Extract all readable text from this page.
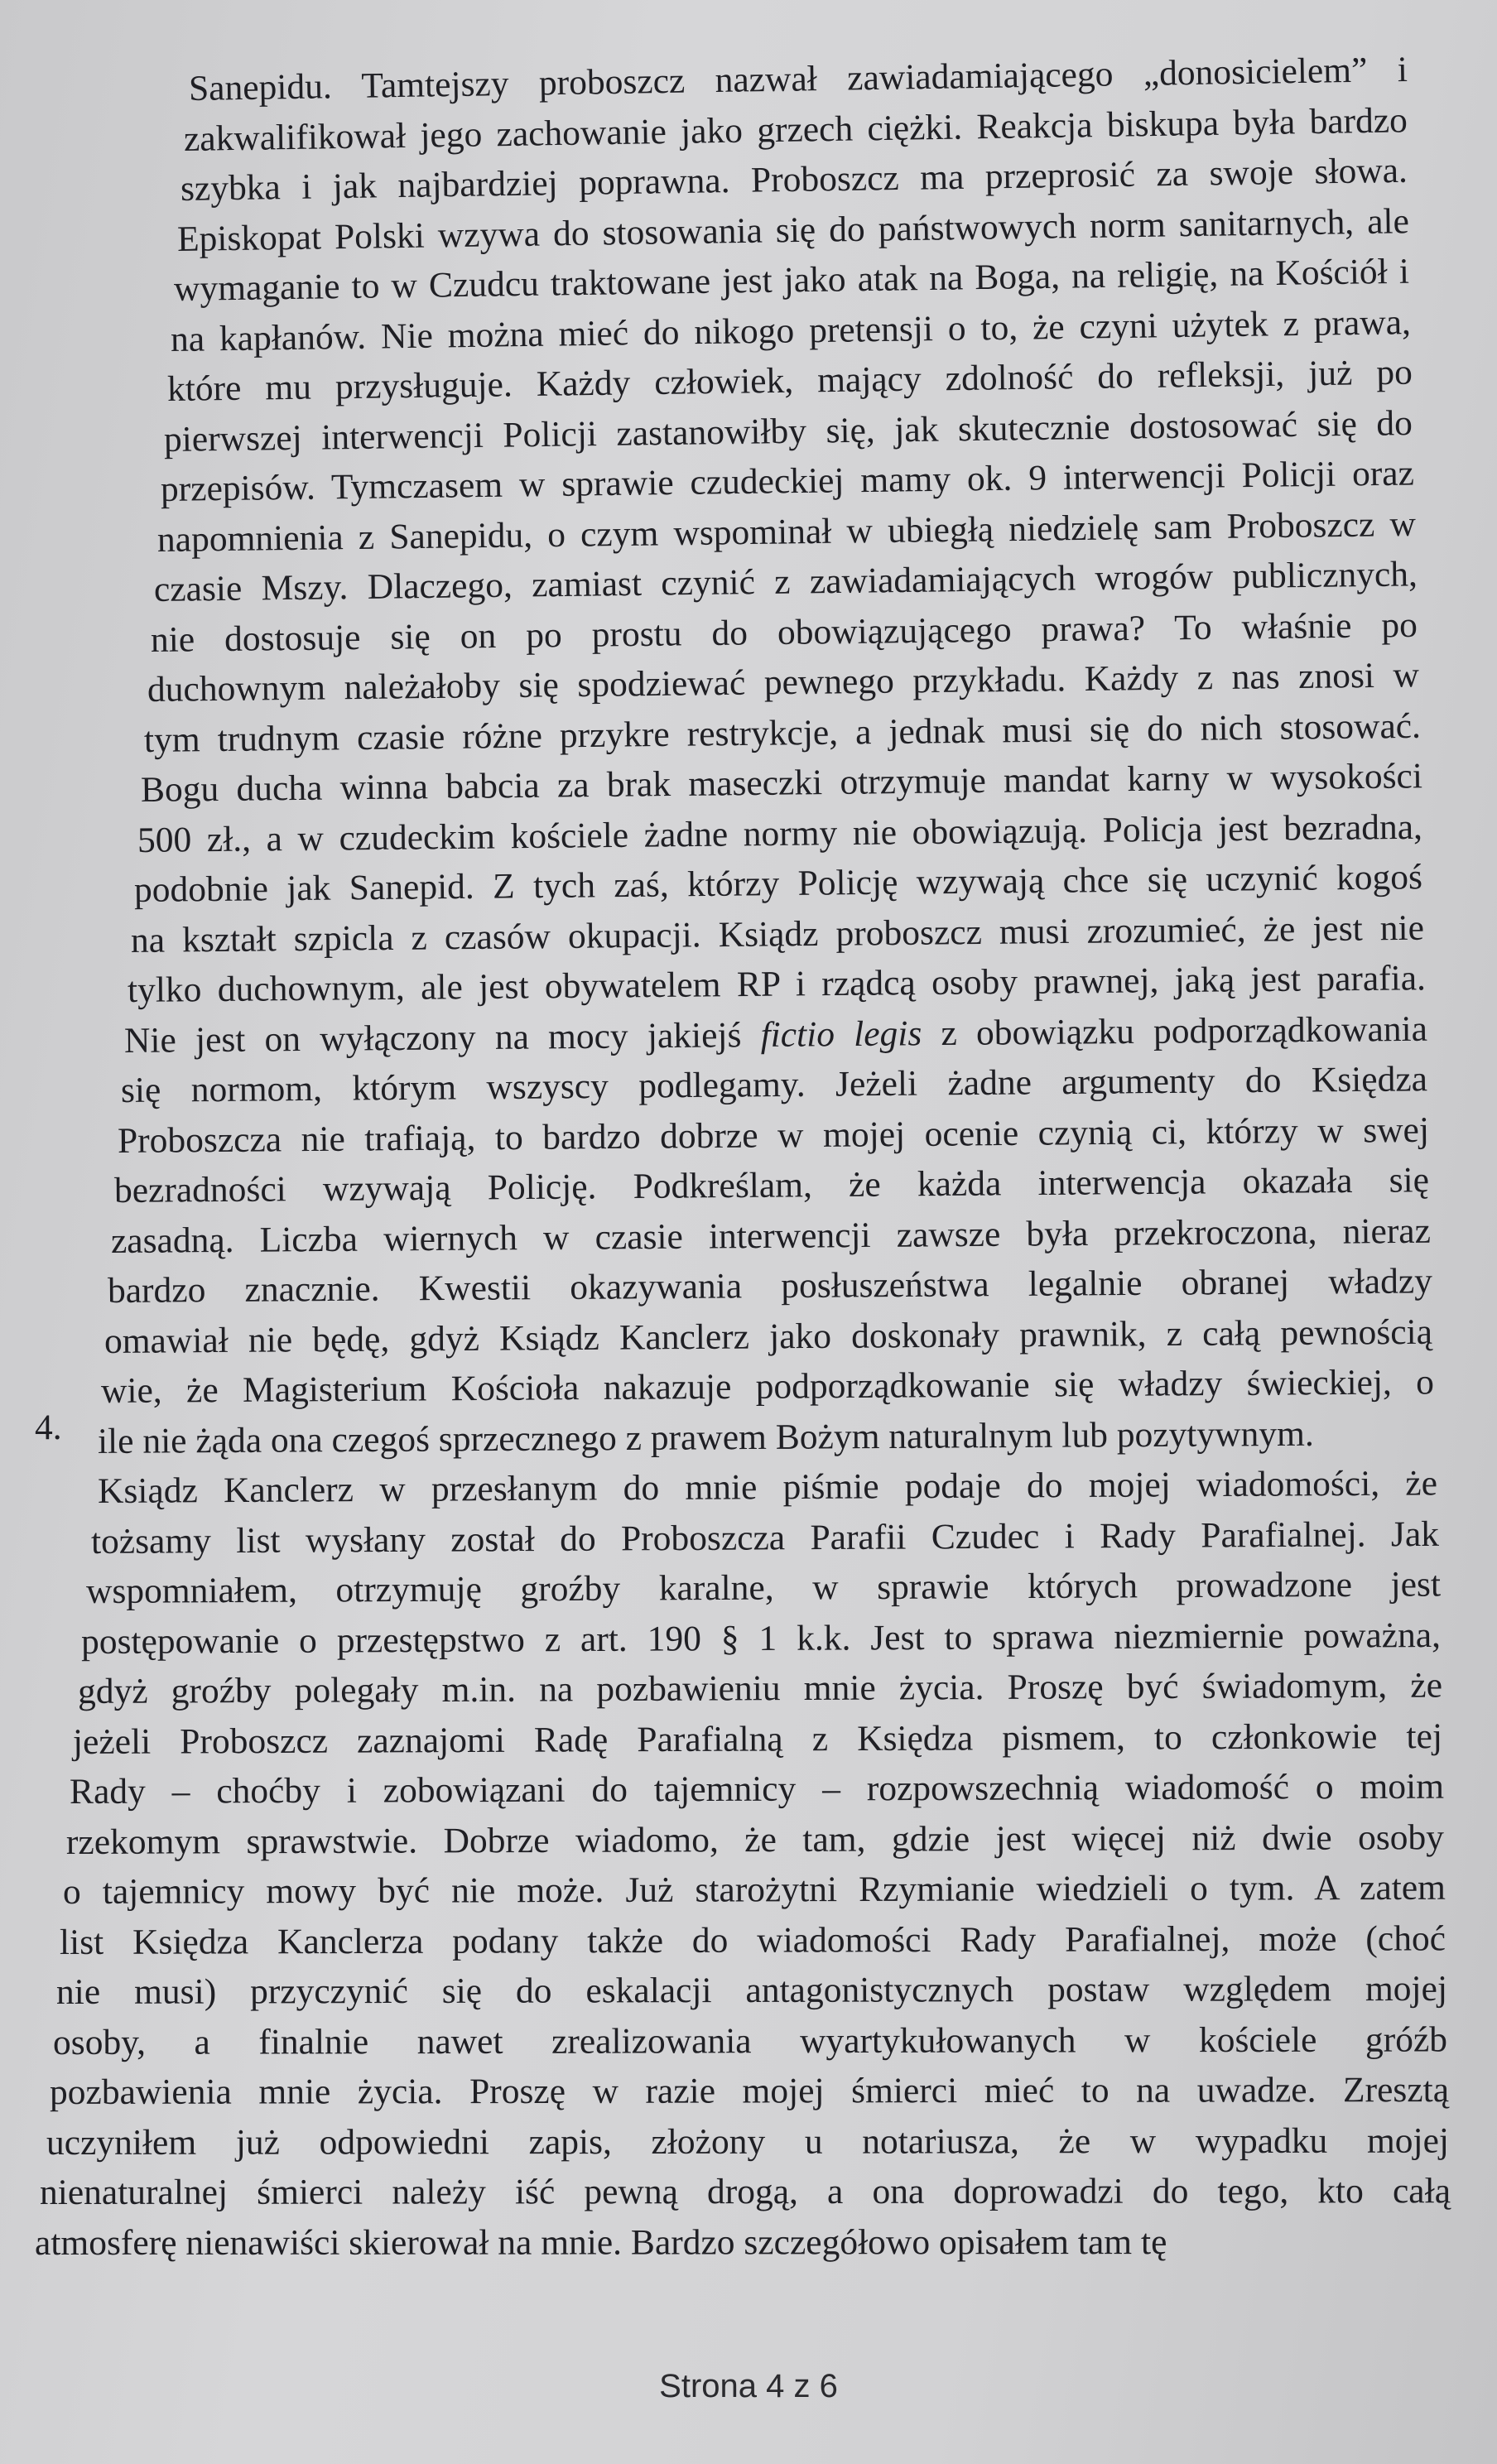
Sanepidu. Tamtejszy proboszcz nazwał zawiadamiającego „donosicielem” i
zakwalifikował jego zachowanie jako grzech ciężki. Reakcja biskupa była bardzo
szybka i jak najbardziej poprawna. Proboszcz ma przeprosić za swoje słowa.
Episkopat Polski wzywa do stosowania się do państwowych norm sanitarnych, ale
wymaganie to w Czudcu traktowane jest jako atak na Boga, na religię, na Kościół i
na kapłanów. Nie można mieć do nikogo pretensji o to, że czyni użytek z prawa,
które mu przysługuje. Każdy człowiek, mający zdolność do refleksji, już po
pierwszej interwencji Policji zastanowiłby się, jak skutecznie dostosować się do
przepisów. Tymczasem w sprawie czudeckiej mamy ok. 9 interwencji Policji oraz
napomnienia z Sanepidu, o czym wspominał w ubiegłą niedzielę sam Proboszcz w
czasie Mszy. Dlaczego, zamiast czynić z zawiadamiających wrogów publicznych,
nie dostosuje się on po prostu do obowiązującego prawa? To właśnie po
duchownym należałoby się spodziewać pewnego przykładu. Każdy z nas znosi w
tym trudnym czasie różne przykre restrykcje, a jednak musi się do nich stosować.
Bogu ducha winna babcia za brak maseczki otrzymuje mandat karny w wysokości
500 zł., a w czudeckim kościele żadne normy nie obowiązują. Policja jest bezradna,
podobnie jak Sanepid. Z tych zaś, którzy Policję wzywają chce się uczynić kogoś
na kształt szpicla z czasów okupacji. Ksiądz proboszcz musi zrozumieć, że jest nie
tylko duchownym, ale jest obywatelem RP i rządcą osoby prawnej, jaką jest parafia.
Nie jest on wyłączony na mocy jakiejś fictio legis z obowiązku podporządkowania
się normom, którym wszyscy podlegamy. Jeżeli żadne argumenty do Księdza
Proboszcza nie trafiają, to bardzo dobrze w mojej ocenie czynią ci, którzy w swej
bezradności wzywają Policję. Podkreślam, że każda interwencja okazała się
zasadną. Liczba wiernych w czasie interwencji zawsze była przekroczona, nieraz
bardzo znacznie. Kwestii okazywania posłuszeństwa legalnie obranej władzy
omawiał nie będę, gdyż Ksiądz Kanclerz jako doskonały prawnik, z całą pewnością
wie, że Magisterium Kościoła nakazuje podporządkowanie się władzy świeckiej, o
ile nie żąda ona czegoś sprzecznego z prawem Bożym naturalnym lub pozytywnym.
Ksiądz Kanclerz w przesłanym do mnie piśmie podaje do mojej wiadomości, że
tożsamy list wysłany został do Proboszcza Parafii Czudec i Rady Parafialnej. Jak
wspomniałem, otrzymuję groźby karalne, w sprawie których prowadzone jest
postępowanie o przestępstwo z art. 190 § 1 k.k. Jest to sprawa niezmiernie poważna,
gdyż groźby polegały m.in. na pozbawieniu mnie życia. Proszę być świadomym, że
jeżeli Proboszcz zaznajomi Radę Parafialną z Księdza pismem, to członkowie tej
Rady – choćby i zobowiązani do tajemnicy – rozpowszechnią wiadomość o moim
rzekomym sprawstwie. Dobrze wiadomo, że tam, gdzie jest więcej niż dwie osoby
o tajemnicy mowy być nie może. Już starożytni Rzymianie wiedzieli o tym. A zatem
list Księdza Kanclerza podany także do wiadomości Rady Parafialnej, może (choć
nie musi) przyczynić się do eskalacji antagonistycznych postaw względem mojej
osoby, a finalnie nawet zrealizowania wyartykułowanych w kościele gróźb
pozbawienia mnie życia. Proszę w razie mojej śmierci mieć to na uwadze. Zresztą
uczyniłem już odpowiedni zapis, złożony u notariusza, że w wypadku mojej
nienaturalnej śmierci należy iść pewną drogą, a ona doprowadzi do tego, kto całą
atmosferę nienawiści skierował na mnie. Bardzo szczegółowo opisałem tam tę
4.
Strona 4 z 6
